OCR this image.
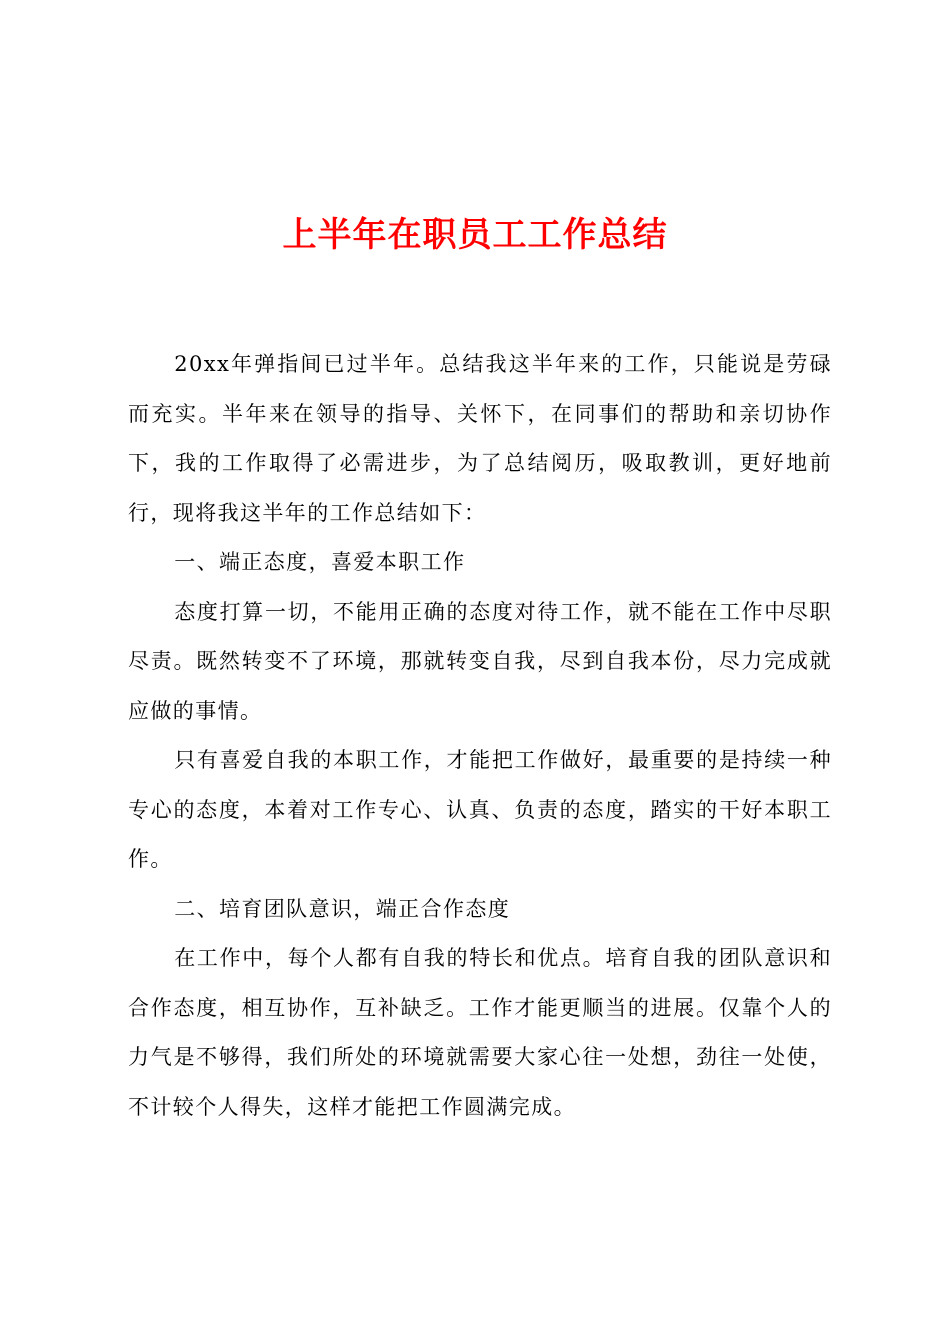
上半年在职员工工作总结

20xx年弹指间已过半年。总结我这半年来的工作，只能说是劳碌而充实。半年来在领导的指导、关怀下，在同事们的帮助和亲切协作下，我的工作取得了必需进步，为了总结阅历，吸取教训，更好地前行，现将我这半年的工作总结如下：

一、端正态度，喜爱本职工作

态度打算一切，不能用正确的态度对待工作，就不能在工作中尽职尽责。既然转变不了环境，那就转变自我，尽到自我本份，尽力完成就应做的事情。

只有喜爱自我的本职工作，才能把工作做好，最重要的是持续一种专心的态度，本着对工作专心、认真、负责的态度，踏实的干好本职工作。

二、培育团队意识，端正合作态度

在工作中，每个人都有自我的特长和优点。培育自我的团队意识和合作态度，相互协作，互补缺乏。工作才能更顺当的进展。仅靠个人的力气是不够得，我们所处的环境就需要大家心往一处想，劲往一处使，不计较个人得失，这样才能把工作圆满完成。
